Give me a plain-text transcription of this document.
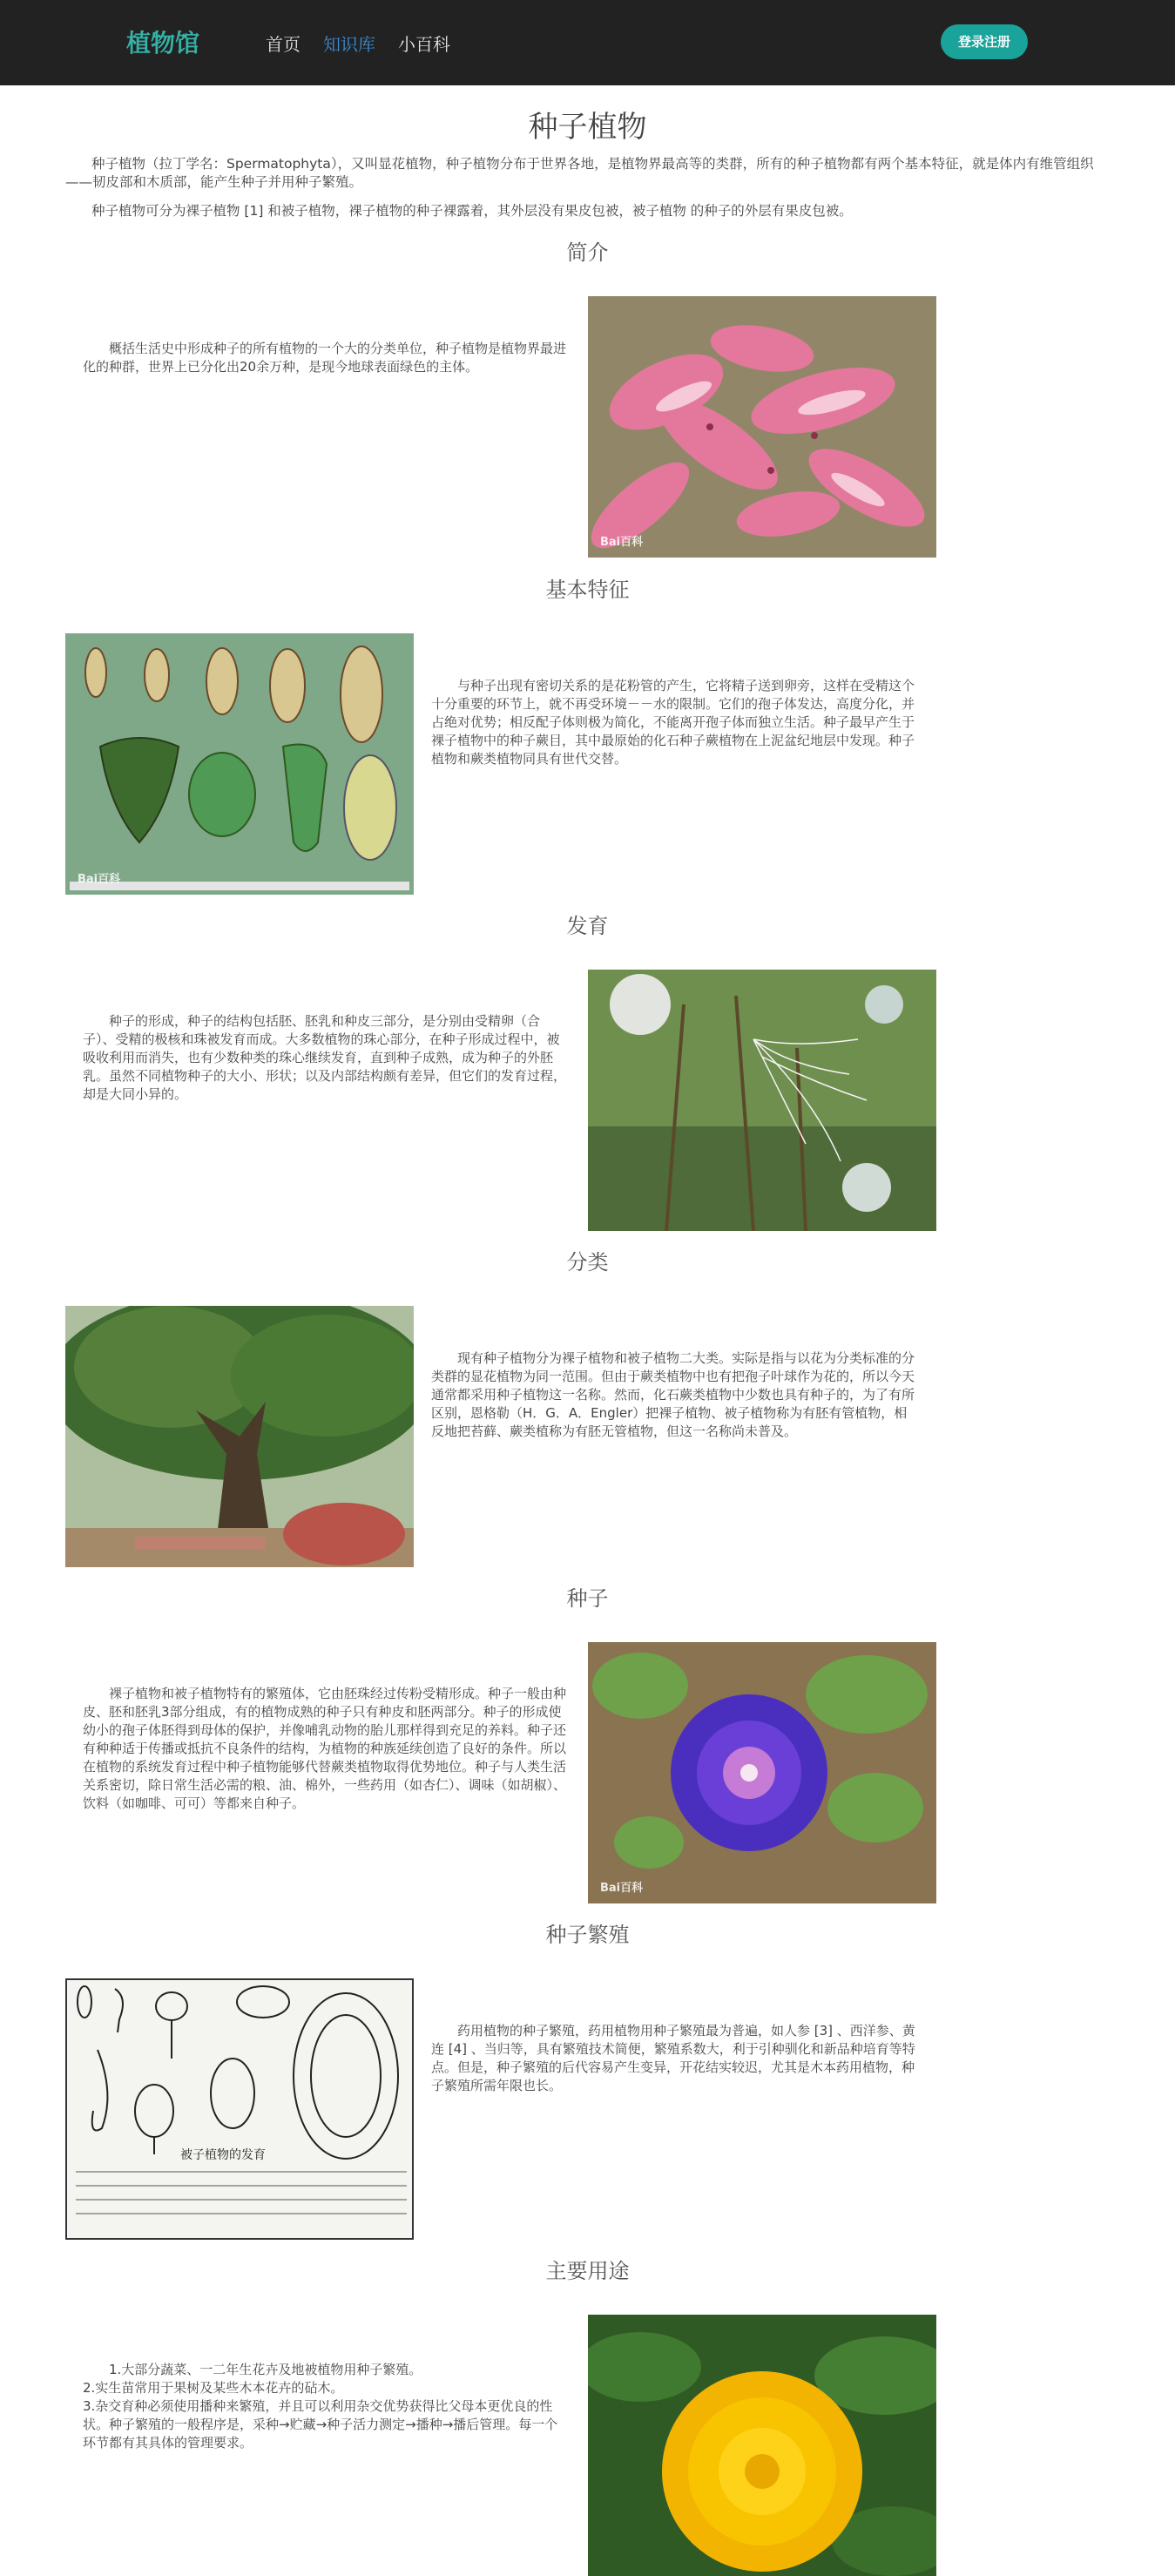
植物馆	首页 知识库 小百科	登录注册
种子植物

种子植物（拉丁学名：Spermatophyta），又叫显花植物，种子植物分布于世界各地，是植物界最高等的类群，所有的种子植物都有两个基本特征，就是体内有维管组织——韧皮部和木质部，能产生种子并用种子繁殖。

种子植物可分为裸子植物 [1] 和被子植物，裸子植物的种子裸露着，其外层没有果皮包被，被子植物 的种子的外层有果皮包被。

简介

概括生活史中形成种子的所有植物的一个大的分类单位，种子植物是植物界最进化的种群，世界上已分化出20余万种，是现今地球表面绿色的主体。

Bai百科
基本特征
Bai百科

与种子出现有密切关系的是花粉管的产生，它将精子送到卵旁，这样在受精这个十分重要的环节上，就不再受环境－－水的限制。它们的孢子体发达，高度分化，并占绝对优势；相反配子体则极为简化，不能离开孢子体而独立生活。种子最早产生于裸子植物中的种子蕨目，其中最原始的化石种子蕨植物在上泥盆纪地层中发现。种子植物和蕨类植物同具有世代交替。

发育

种子的形成，种子的结构包括胚、胚乳和种皮三部分，是分别由受精卵（合子）、受精的极核和珠被发育而成。大多数植物的珠心部分，在种子形成过程中，被吸收利用而消失，也有少数种类的珠心继续发育，直到种子成熟，成为种子的外胚乳。虽然不同植物种子的大小、形状；以及内部结构颇有差异，但它们的发育过程，却是大同小异的。

分类

现有种子植物分为裸子植物和被子植物二大类。实际是指与以花为分类标准的分类群的显花植物为同一范围。但由于蕨类植物中也有把孢子叶球作为花的，所以今天通常都采用种子植物这一名称。然而，化石蕨类植物中少数也具有种子的，为了有所区别，恩格勒（H．G．A．Engler）把裸子植物、被子植物称为有胚有管植物，相反地把苔藓、蕨类植称为有胚无管植物，但这一名称尚未普及。

种子

裸子植物和被子植物特有的繁殖体，它由胚珠经过传粉受精形成。种子一般由种皮、胚和胚乳3部分组成，有的植物成熟的种子只有种皮和胚两部分。种子的形成使幼小的孢子体胚得到母体的保护，并像哺乳动物的胎儿那样得到充足的养料。种子还有种种适于传播或抵抗不良条件的结构，为植物的种族延续创造了良好的条件。所以在植物的系统发育过程中种子植物能够代替蕨类植物取得优势地位。种子与人类生活关系密切，除日常生活必需的粮、油、棉外，一些药用（如杏仁）、调味（如胡椒）、饮料（如咖啡、可可）等都来自种子。

Bai百科
种子繁殖
被子植物的发育

药用植物的种子繁殖，药用植物用种子繁殖最为普遍，如人参 [3] 、西洋参、黄连 [4] 、当归等，具有繁殖技术简便，繁殖系数大，利于引种驯化和新品种培育等特点。但是，种子繁殖的后代容易产生变异，开花结实较迟，尤其是木本药用植物，种子繁殖所需年限也长。

主要用途
1.大部分蔬菜、一二年生花卉及地被植物用种子繁殖。
2.实生苗常用于果树及某些木本花卉的砧木。
3.杂交育种必须使用播种来繁殖，并且可以利用杂交优势获得比父母本更优良的性状。种子繁殖的一般程序是，采种→贮藏→种子活力测定→播种→播后管理。每一个环节都有其具体的管理要求。
